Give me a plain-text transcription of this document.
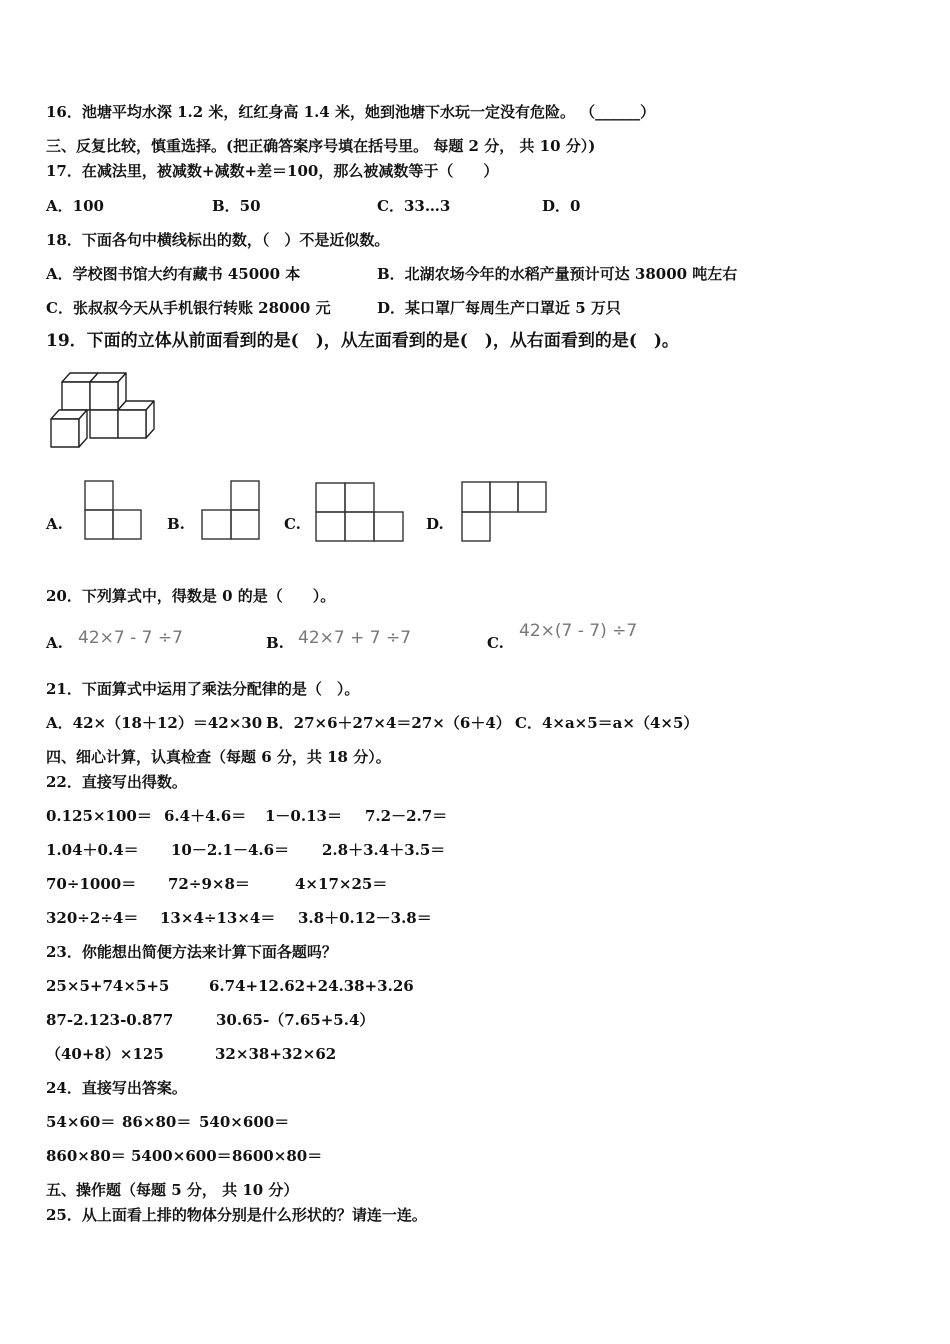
16．池塘平均水深 1.2 米，红红身高 1.4 米，她到池塘下水玩一定没有危险。 （______）
三、反复比较，慎重选择。(把正确答案序号填在括号里。 每题 2 分， 共 10 分）)
17．在减法里，被减数+减数+差＝100，那么被减数等于（　　）
A．100	B．50	C．33…3	D．0
18．下面各句中横线标出的数，（　）不是近似数。
A．学校图书馆大约有藏书 45000 本	B．北湖农场今年的水稻产量预计可达 38000 吨左右
C．张叔叔今天从手机银行转账 28000 元	D．某口罩厂每周生产口罩近 5 万只
19．下面的立体从前面看到的是(　)，从左面看到的是(　)，从右面看到的是(　)。
A.	B.	C.	D.
20．下列算式中，得数是 0 的是（　　）。
A. 42×7 - 7 ÷7	B. 42×7 + 7 ÷7	C.
42×(7 - 7) ÷7
21．下面算式中运用了乘法分配律的是（　）。
A．42×（18＋12）＝42×30 B．27×6＋27×4＝27×（6＋4） C．4×a×5＝a×（4×5）
四、细心计算，认真检查（每题 6 分，共 18 分）。
22．直接写出得数。
0.125×100＝ 6.4＋4.6＝ 1－0.13＝ 7.2－2.7＝
1.04＋0.4＝ 10－2.1－4.6＝ 2.8＋3.4＋3.5＝
70÷1000＝ 72÷9×8＝	4×17×25＝
320÷2÷4＝ 13×4÷13×4＝ 3.8＋0.12－3.8＝
23．你能想出简便方法来计算下面各题吗？
25×5+74×5+5	6.74+12.62+24.38+3.26
87-2.123-0.877	30.65-（7.65+5.4）
（40+8）×125	32×38+32×62
24．直接写出答案。
54×60＝ 86×80＝ 540×600＝
860×80＝ 5400×600＝ 8600×80＝
五、操作题（每题 5 分， 共 10 分）
25．从上面看上排的物体分别是什么形状的？请连一连。
